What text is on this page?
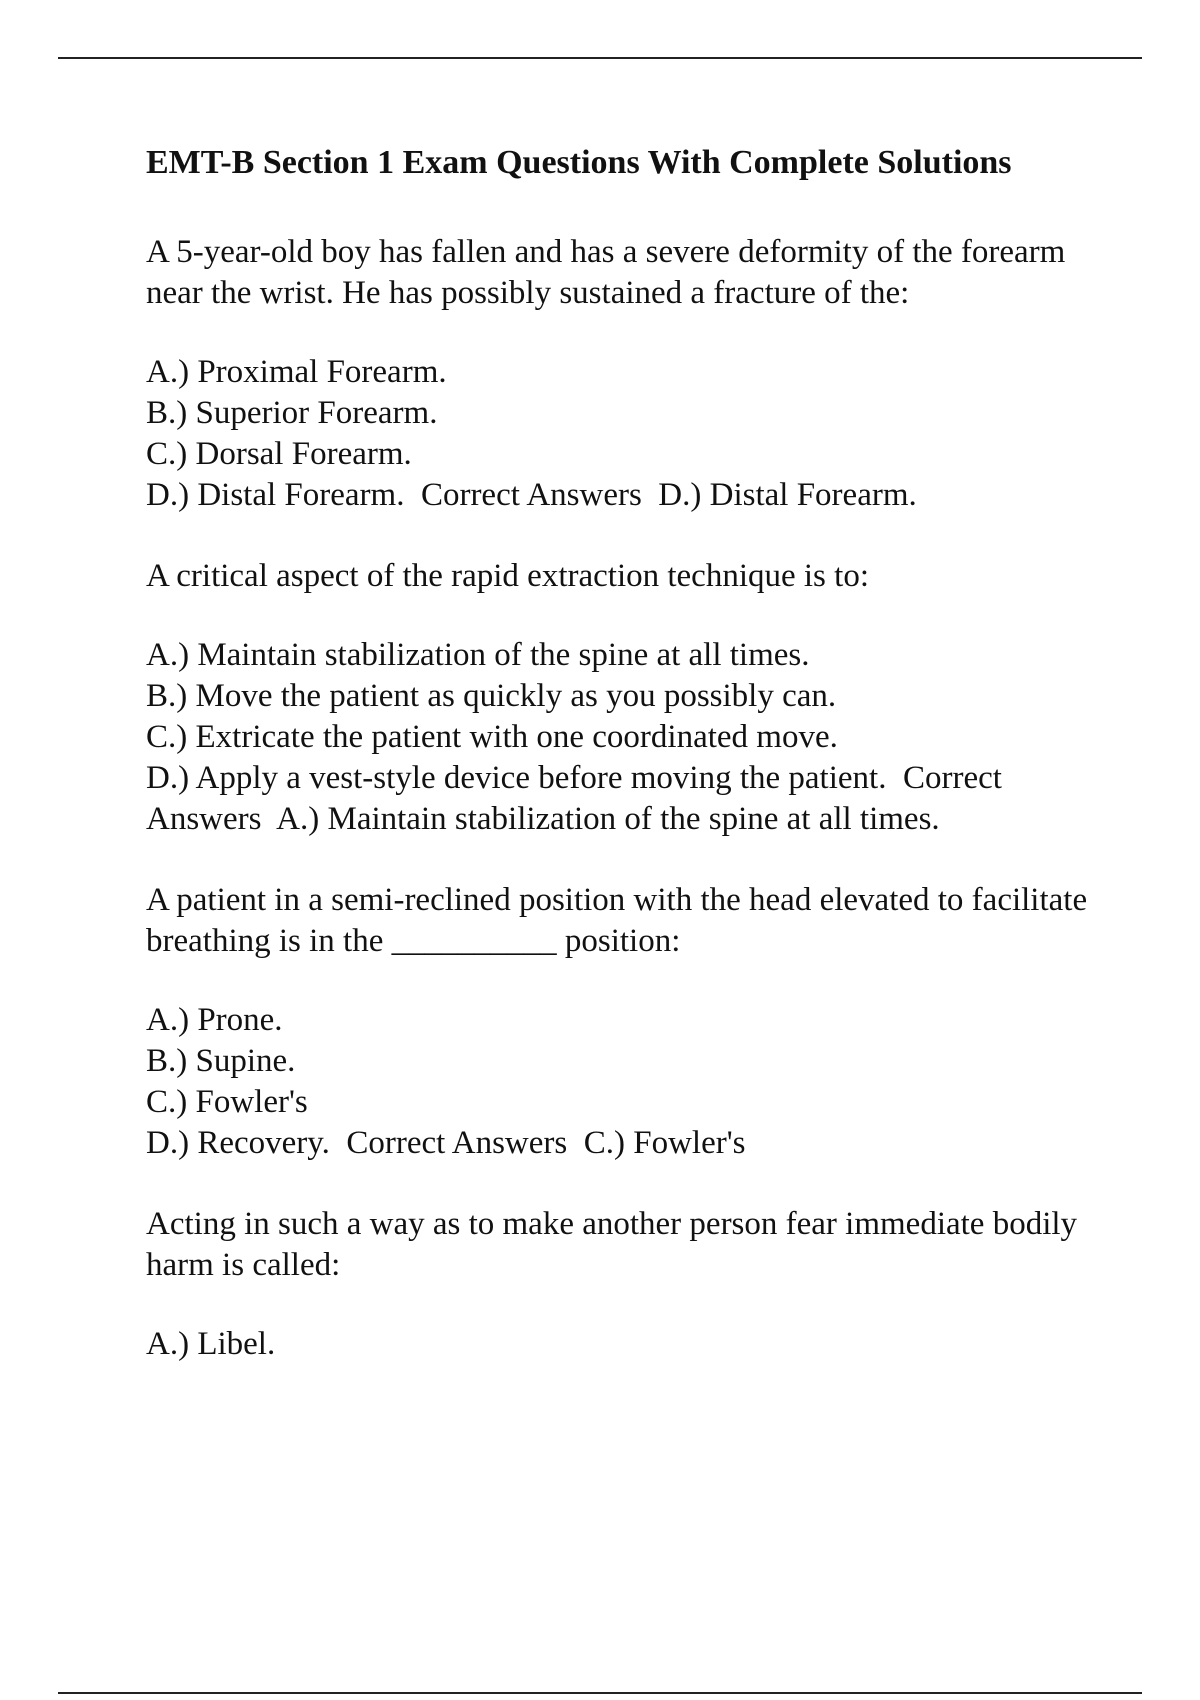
EMT-B Section 1 Exam Questions With Complete Solutions

A 5-year-old boy has fallen and has a severe deformity of the forearm near the wrist. He has possibly sustained a fracture of the:

A.) Proximal Forearm.

B.) Superior Forearm.

C.) Dorsal Forearm.

D.) Distal Forearm.  Correct Answers  D.) Distal Forearm.

A critical aspect of the rapid extraction technique is to:

A.) Maintain stabilization of the spine at all times.

B.) Move the patient as quickly as you possibly can.

C.) Extricate the patient with one coordinated move.

D.) Apply a vest-style device before moving the patient.  Correct Answers  A.) Maintain stabilization of the spine at all times.

A patient in a semi-reclined position with the head elevated to facilitate breathing is in the __________ position:

A.) Prone.

B.) Supine.

C.) Fowler's

D.) Recovery.  Correct Answers  C.) Fowler's

Acting in such a way as to make another person fear immediate bodily harm is called:

A.) Libel.
